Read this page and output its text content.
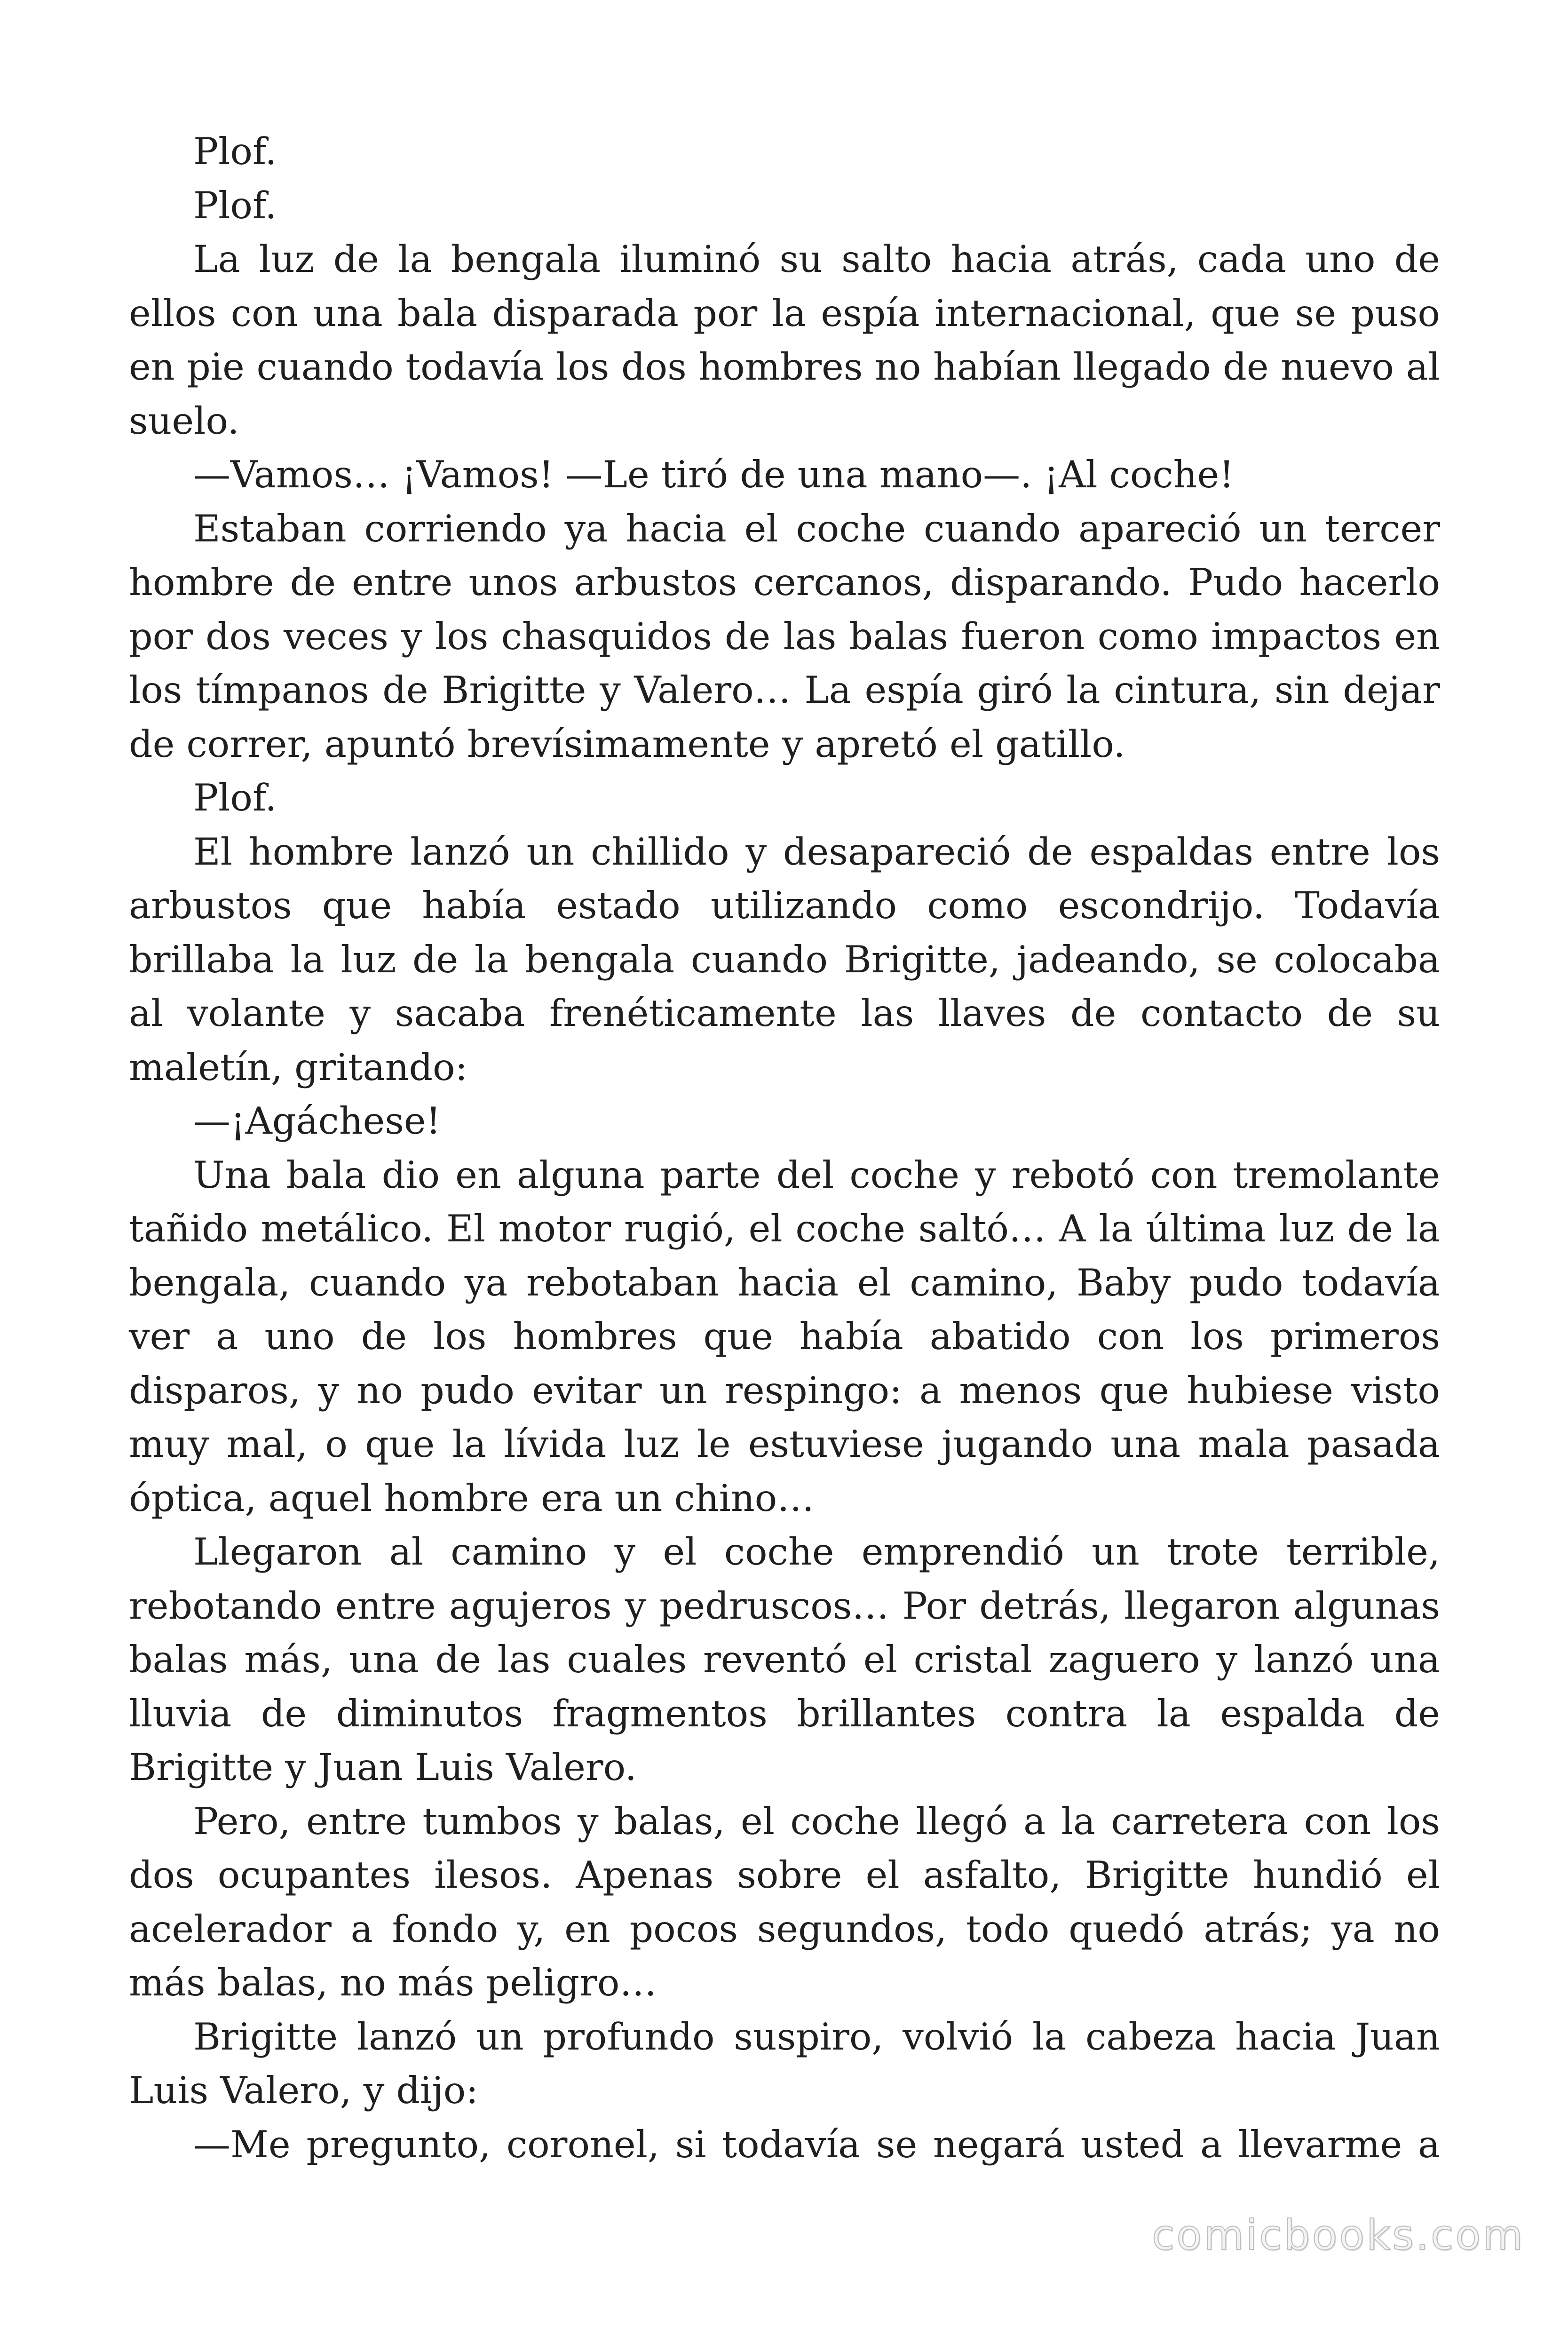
Plof.

Plof.

La luz de la bengala iluminó su salto hacia atrás, cada uno de ellos con una bala disparada por la espía internacional, que se puso en pie cuando todavía los dos hombres no habían llegado de nuevo al suelo.

—Vamos… ¡Vamos! —Le tiró de una mano—. ¡Al coche!

Estaban corriendo ya hacia el coche cuando apareció un tercer hombre de entre unos arbustos cercanos, disparando. Pudo hacerlo por dos veces y los chasquidos de las balas fueron como impactos en los tímpanos de Brigitte y Valero… La espía giró la cintura, sin dejar de correr, apuntó brevísimamente y apretó el gatillo.

Plof.

El hombre lanzó un chillido y desapareció de espaldas entre los arbustos que había estado utilizando como escondrijo. Todavía brillaba la luz de la bengala cuando Brigitte, jadeando, se colocaba al volante y sacaba frenéticamente las llaves de contacto de su maletín, gritando:

—¡Agáchese!

Una bala dio en alguna parte del coche y rebotó con tremolante tañido metálico. El motor rugió, el coche saltó… A la última luz de la bengala, cuando ya rebotaban hacia el camino, Baby pudo todavía ver a uno de los hombres que había abatido con los primeros disparos, y no pudo evitar un respingo: a menos que hubiese visto muy mal, o que la lívida luz le estuviese jugando una mala pasada óptica, aquel hombre era un chino…

Llegaron al camino y el coche emprendió un trote terrible, rebotando entre agujeros y pedruscos… Por detrás, llegaron algunas balas más, una de las cuales reventó el cristal zaguero y lanzó una lluvia de diminutos fragmentos brillantes contra la espalda de Brigitte y Juan Luis Valero.

Pero, entre tumbos y balas, el coche llegó a la carretera con los dos ocupantes ilesos. Apenas sobre el asfalto, Brigitte hundió el acelerador a fondo y, en pocos segundos, todo quedó atrás; ya no más balas, no más peligro…

Brigitte lanzó un profundo suspiro, volvió la cabeza hacia Juan Luis Valero, y dijo:

—Me pregunto, coronel, si todavía se negará usted a llevarme a

comicbooks.com
